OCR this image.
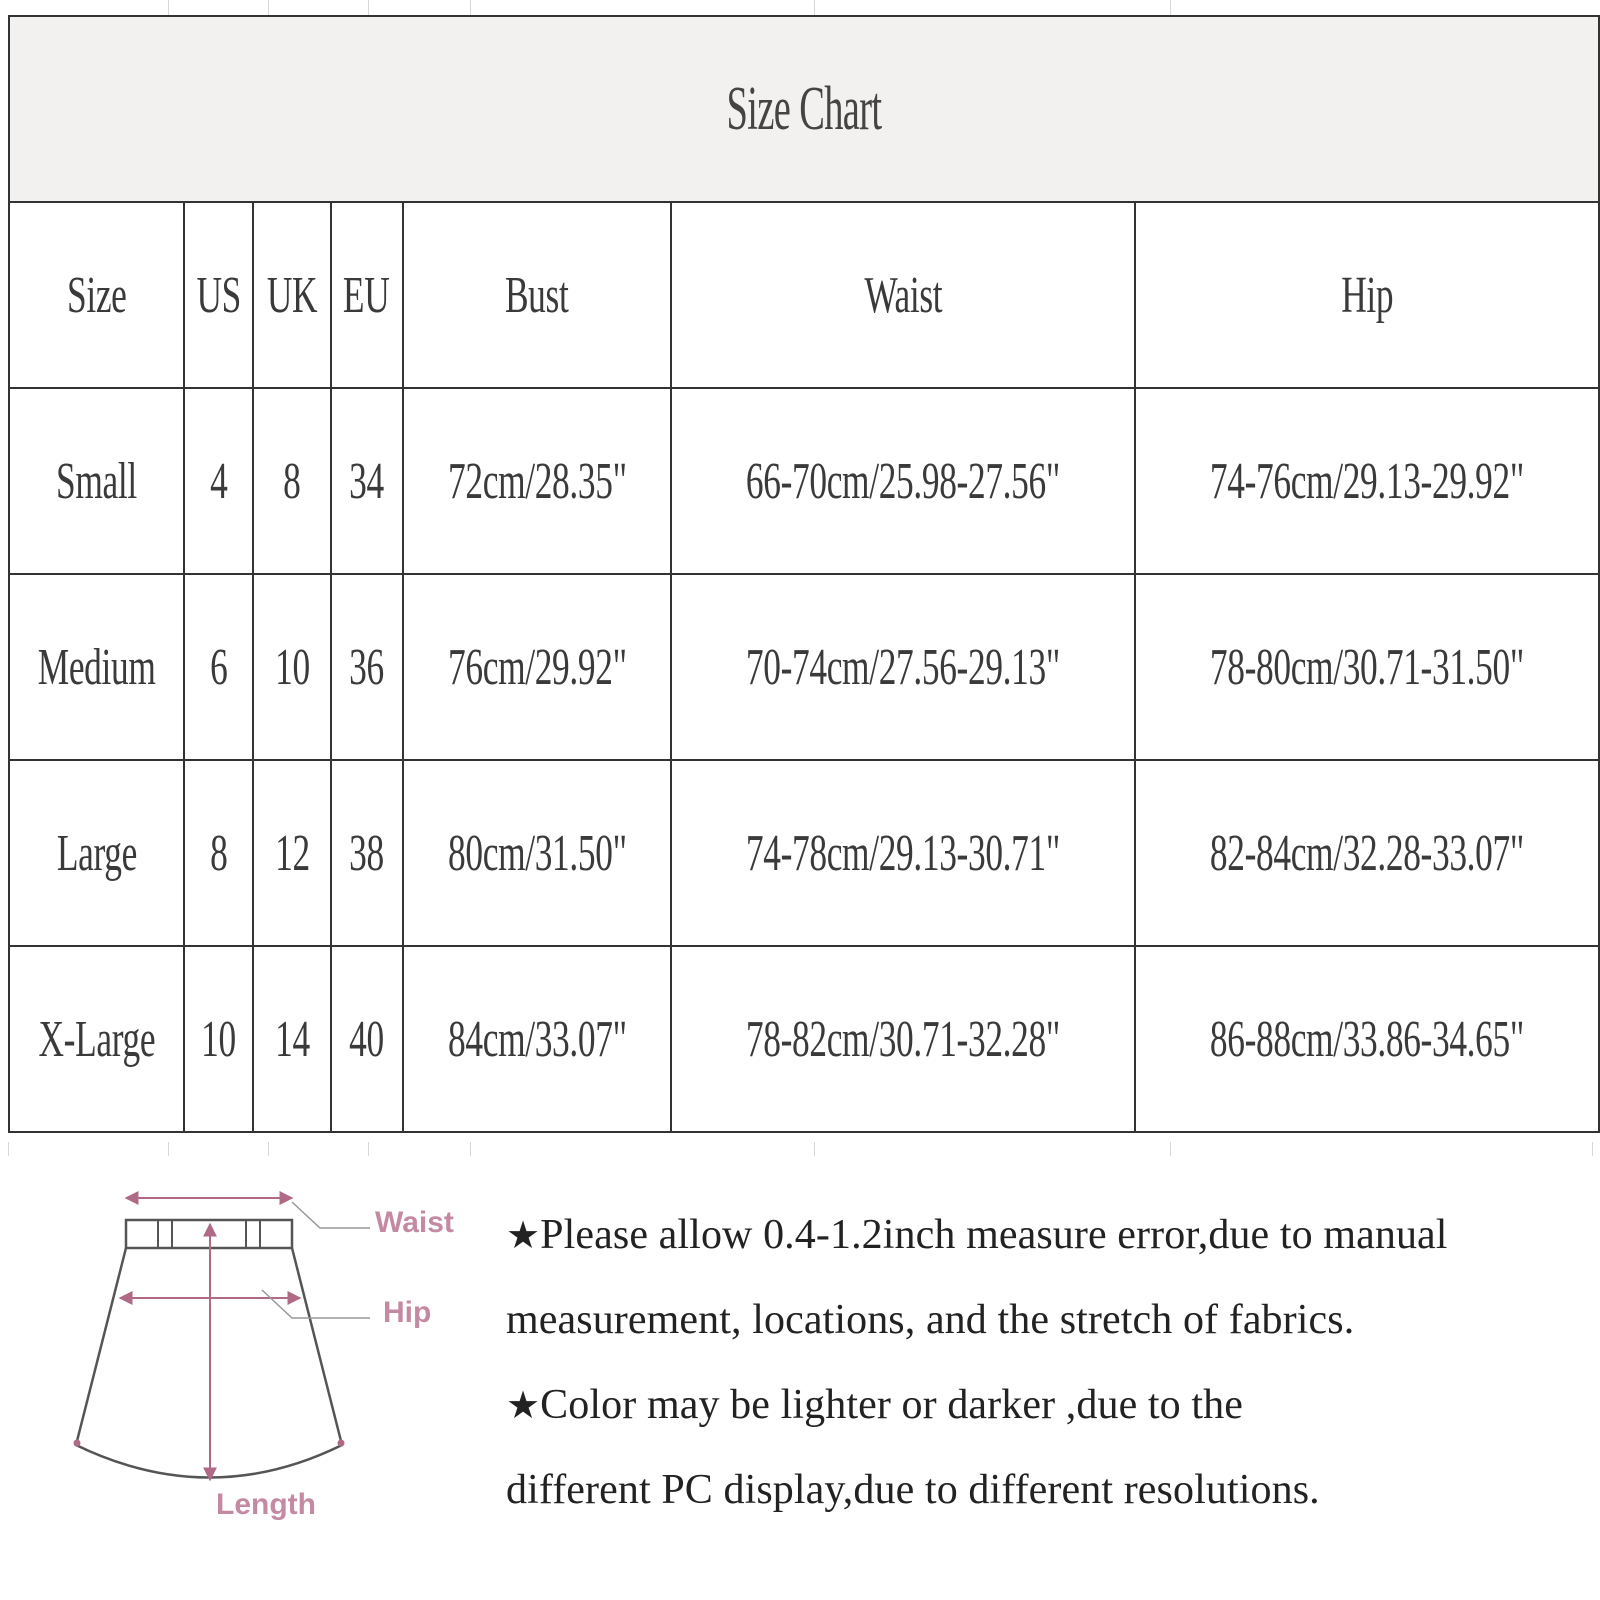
Size Chart						
Size	US	UK	EU	Bust	Waist	Hip
Small	4	8	34	72cm/28.35"	66-70cm/25.98-27.56"	74-76cm/29.13-29.92"
Medium	6	10	36	76cm/29.92"	70-74cm/27.56-29.13"	78-80cm/30.71-31.50"
Large	8	12	38	80cm/31.50"	74-78cm/29.13-30.71"	82-84cm/32.28-33.07"
X-Large	10	14	40	84cm/33.07"	78-82cm/30.71-32.28"	86-88cm/33.86-34.65"
Waist
Hip
Length
★Please allow 0.4-1.2inch measure error,due to manual
measurement, locations, and the stretch of fabrics.
★Color may be lighter or darker ,due to the
different PC display,due to different resolutions.
